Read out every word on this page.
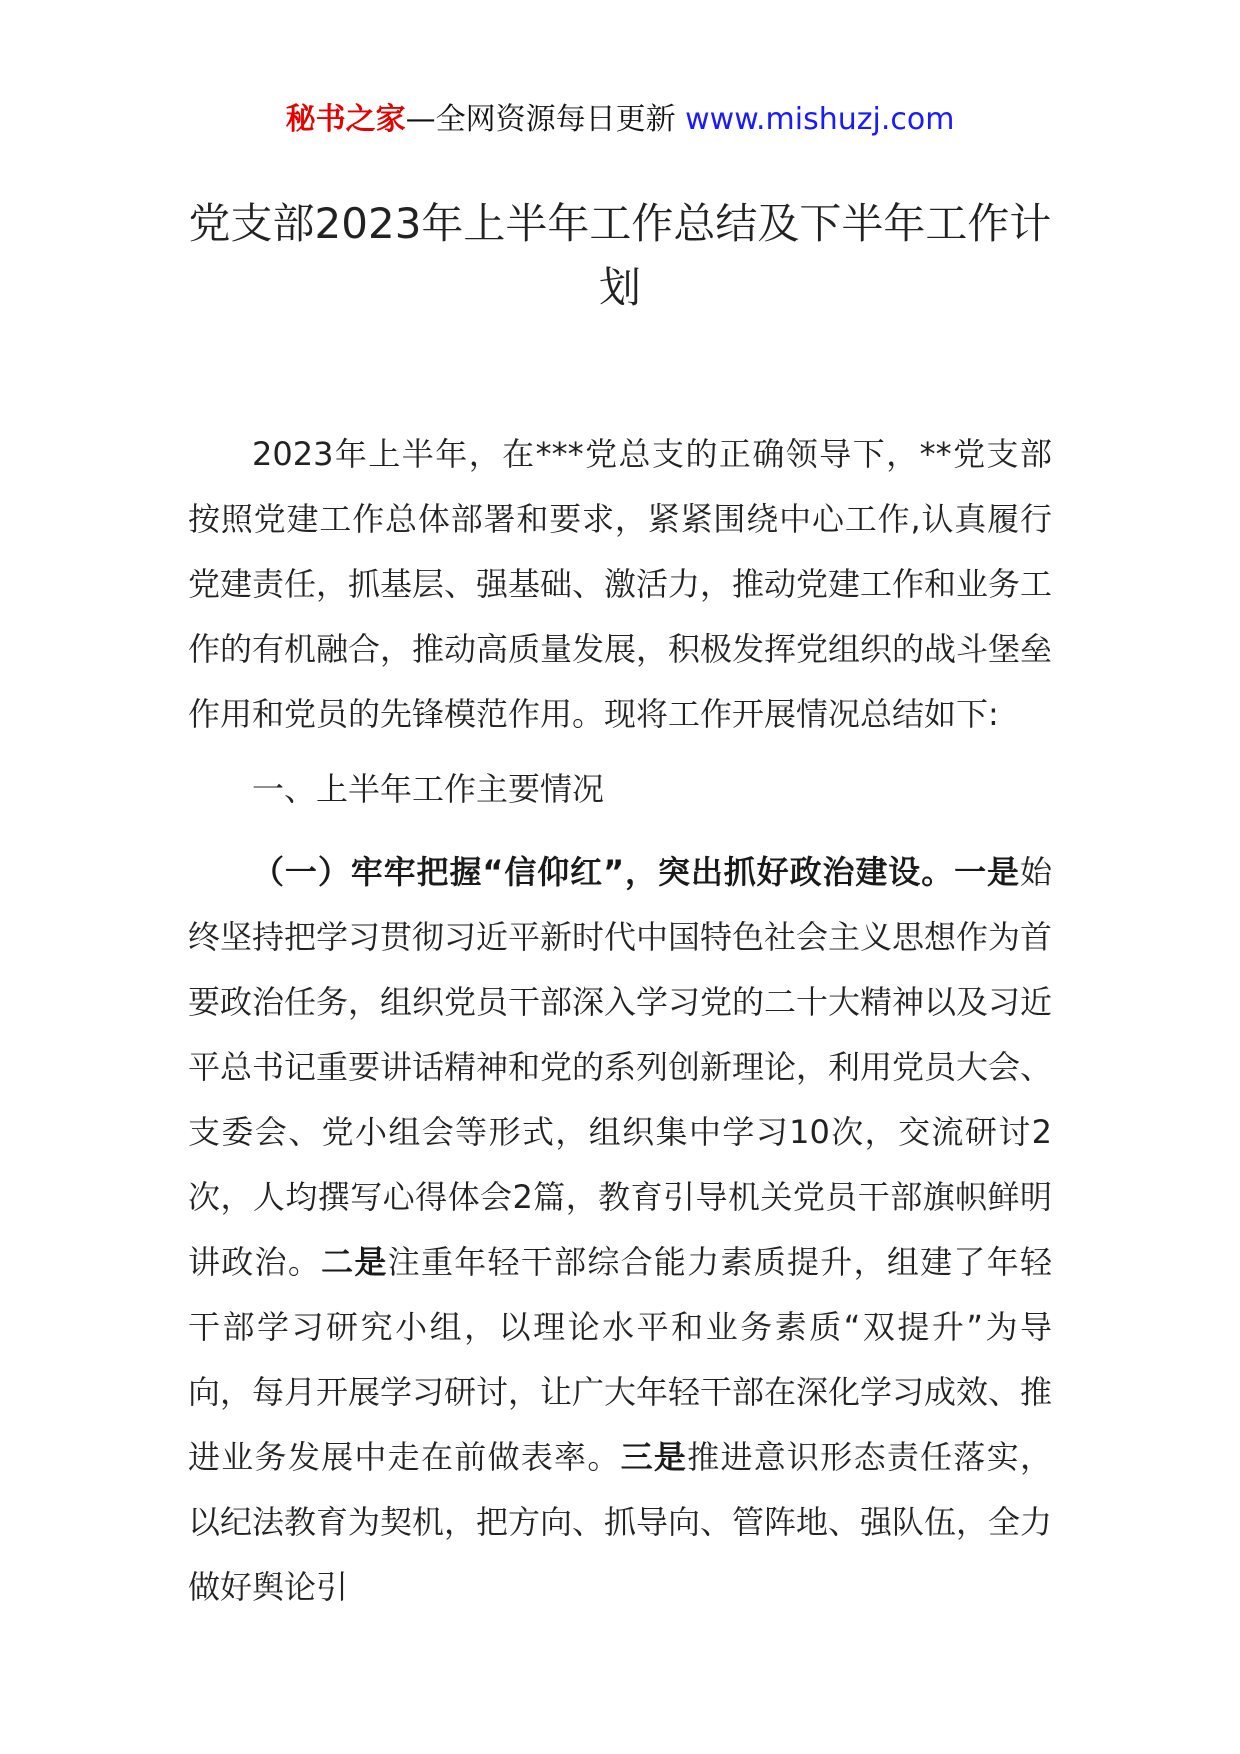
秘书之家—全网资源每日更新 www.mishuzj.com
党支部2023年上半年工作总结及下半年工作计划
2023年上半年，在***党总支的正确领导下，**党支部按照党建工作总体部署和要求，紧紧围绕中心工作,认真履行党建责任，抓基层、强基础、激活力，推动党建工作和业务工作的有机融合，推动高质量发展，积极发挥党组织的战斗堡垒作用和党员的先锋模范作用。现将工作开展情况总结如下:
一、上半年工作主要情况
（一）牢牢把握“信仰红”，突出抓好政治建设。一是始终坚持把学习贯彻习近平新时代中国特色社会主义思想作为首要政治任务，组织党员干部深入学习党的二十大精神以及习近平总书记重要讲话精神和党的系列创新理论，利用党员大会、支委会、党小组会等形式，组织集中学习10次，交流研讨2次，人均撰写心得体会2篇，教育引导机关党员干部旗帜鲜明讲政治。二是注重年轻干部综合能力素质提升，组建了年轻干部学习研究小组，以理论水平和业务素质“双提升”为导向，每月开展学习研讨，让广大年轻干部在深化学习成效、推进业务发展中走在前做表率。三是推进意识形态责任落实，以纪法教育为契机，把方向、抓导向、管阵地、强队伍，全力做好舆论引
